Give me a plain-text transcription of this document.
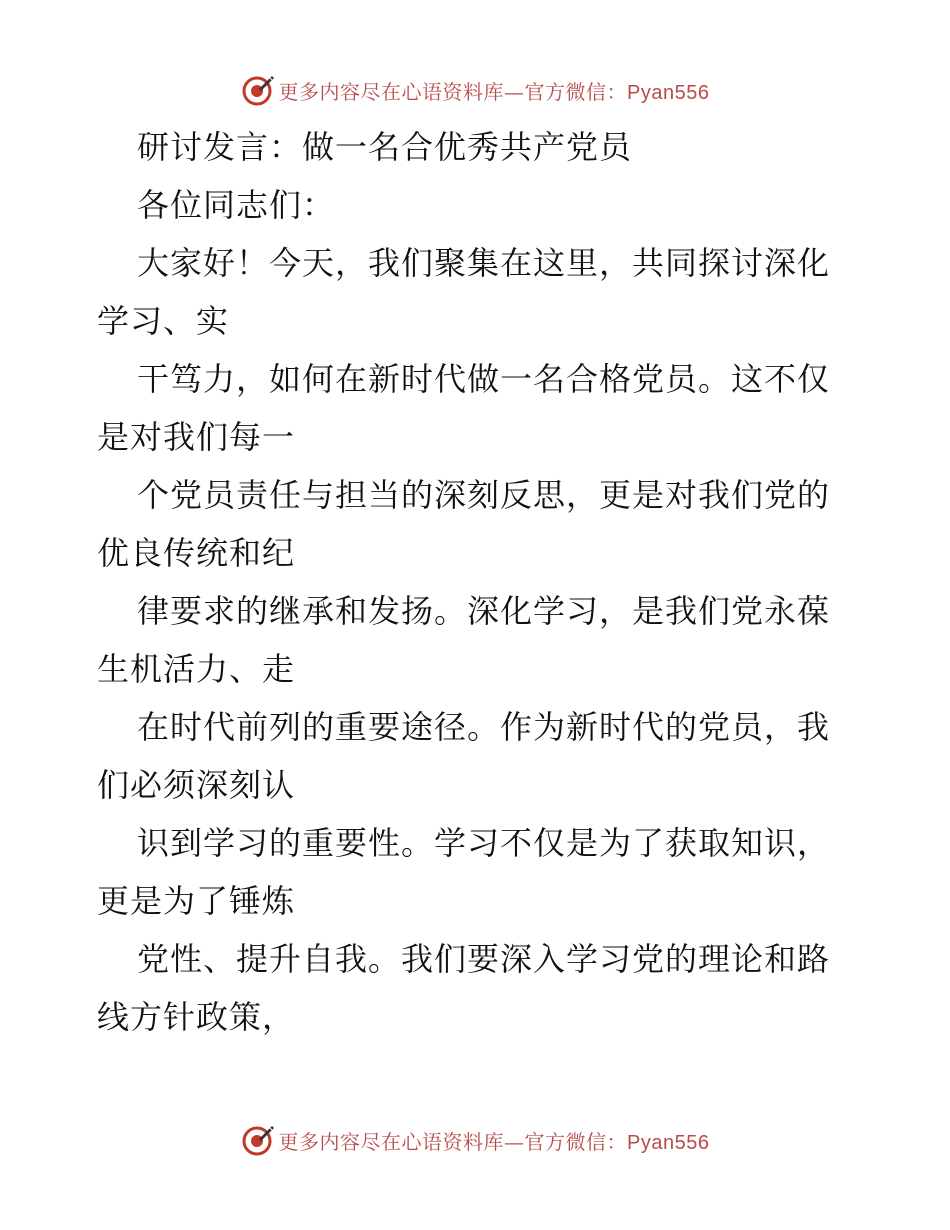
更多内容尽在心语资料库—官方微信：Pyan556

研讨发言：做一名合优秀共产党员

各位同志们：

大家好！今天，我们聚集在这里，共同探讨深化学习、实

干笃力，如何在新时代做一名合格党员。这不仅是对我们每一

个党员责任与担当的深刻反思，更是对我们党的优良传统和纪

律要求的继承和发扬。深化学习，是我们党永葆生机活力、走

在时代前列的重要途径。作为新时代的党员，我们必须深刻认

识到学习的重要性。学习不仅是为了获取知识，更是为了锤炼

党性、提升自我。我们要深入学习党的理论和路线方针政策，

更多内容尽在心语资料库—官方微信：Pyan556
